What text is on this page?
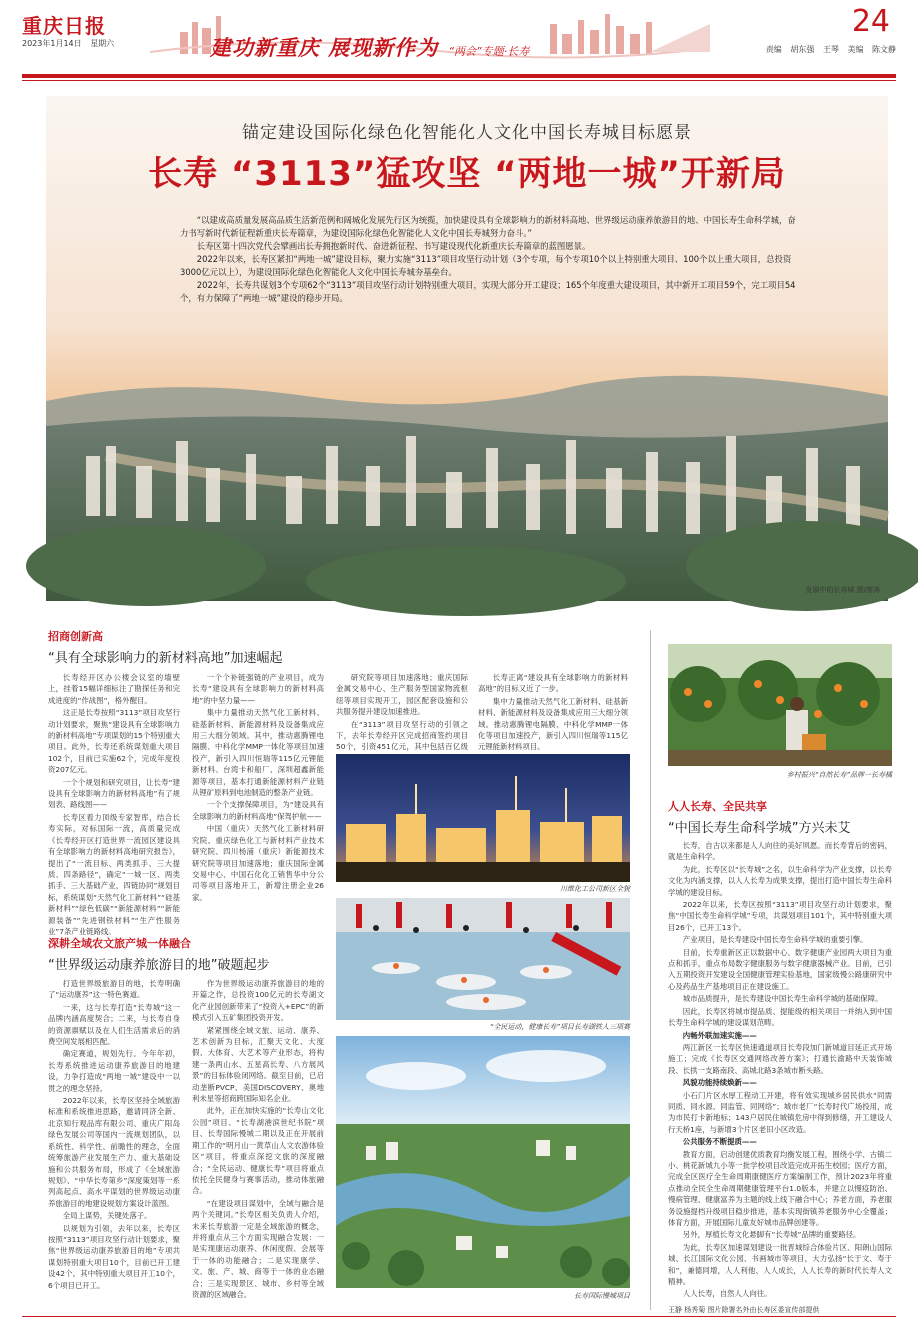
重庆日报
2023年1月14日 星期六	建功新重庆 展现新作为 “两会”专题·长寿
24
责编 胡东强 王琴 美编 陈文静
锚定建设国际化绿色化智能化人文化中国长寿城目标愿景
长寿 “3113”猛攻坚 “两地一城”开新局

“以建成高质量发展高品质生活新范例和阔城化发展先行区为统揽，加快建设具有全球影响力的新材料高地、世界级运动康养旅游目的地、中国长寿生命科学城，奋力书写新时代新征程新重庆长寿篇章，为建设国际化绿色化智能化人文化中国长寿城努力奋斗。”

长寿区第十四次党代会擘画出长寿拥抱新时代、奋进新征程、书写建设现代化新重庆长寿篇章的蓝图愿景。

2022年以来，长寿区紧扣“两地一城”建设目标，聚力实施“3113”项目攻坚行动计划（3个专项，每个专项10个以上特别重大项目、100个以上重大项目，总投资3000亿元以上），为建设国际化绿色化智能化人文化中国长寿城夯基垒台。

2022年，长寿共谋划3个专项62个“3113”项目攻坚行动计划特别重大项目，实现大部分开工建设；165个年度重大建设项目，其中新开工项目59个，完工项目54个，有力保障了“两地一城”建设的稳步开局。

发展中的长寿城 摄/廖涛
招商创新高
“具有全球影响力的新材料高地”加速崛起

长寿经开区办公楼会议室的墙壁上，挂着15幅详细标注了勘探任务和完成进度的“作战图”，格外醒目。

这正是长寿按照“3113”项目攻坚行动计划要求，聚焦“建设具有全球影响力的新材料高地”专项谋划的15个特别重大项目。此外，长寿还系统谋划重大项目102个，目前已实施62个，完成年度投资207亿元。

一个个规划和研究项目，让长寿“建设具有全球影响力的新材料高地”有了规划表、路线图——

长寿区着力顶级专家智库，结合长寿实际，对标国际一流，高质量完成《长寿经开区打造世界一流园区建设具有全球影响力的新材料高地研究报告》，提出了“一流目标、两类抓手、三大提质、四条路径”，确定“一城一区、两类抓手、三大基础产业，四链协同”规划目标，系统谋划“天然气化工新材料”“硅基新材料”“绿色低碳”“新能源材料”“新能源装备”“先进钢铁材料”“生产性服务业”7条产业链路线。

一个个补链强链的产业项目，成为长寿“建设具有全球影响力的新材料高地”的中坚力量——

集中力量推动天然气化工新材料、硅基新材料、新能源材料及设备集成应用三大细分领域。其中，推动惠腾锂电隔膜、中科化学MMP一体化等项目加速投产，新引入四川恒瑞等115亿元锂能新材料、台湾卡和船厂、深圳超鑫新能源等项目，基本打通新能源材料产业链从锂矿原料到电池制造的整条产业链。

一个个支撑保障项目，为“建设具有全球影响力的新材料高地”保驾护航——

中国（重庆）天然气化工新材料研究院、重庆绿色化工与新材料产业技术研究院、四川杨浦（重庆）新能源技术研究院等项目加速落地；重庆国际金属交易中心、中国石化化工销售华中分公司等项目落地开工，新增注册企业26家。

研究院等项目加速落地；重庆国际金属交易中心、生产服务型国家物流枢纽等项目实现开工，园区配套设施和公共服务提升建设加速推进。

在“3113”项目攻坚行动的引领之下，去年长寿经开区完成招商签约项目50个，引资451亿元，其中包括百亿级

长寿正离“建设具有全球影响力的新材料高地”的目标又近了一步。

集中力量推动天然气化工新材料、硅基新材料、新能源材料及设备集成应用三大细分领域。推动惠腾锂电隔膜、中科化学MMP一体化等项目加速投产，新引入四川恒瑞等115亿元锂能新材料项目。

川维化工公司新区全貌
深耕全域农文旅产城一体融合
“世界级运动康养旅游目的地”破题起步

打造世界级旅游目的地，长寿明确了“运动康养”这一特色赛道。

一来，这与长寿打造“长寿城”这一品牌内涵高度契合；二来，与长寿自身的资源禀赋以及在人们生活需求后的消费空间发展相匹配。

确定赛道，规划先行。今年年初，长寿系统推进运动康养旅游目的地建设，力争打造成“两地一城”建设中一以贯之的理念坚持。

2022年以来，长寿区坚持全域旅游标准和系统推进思路，邀请同济全新、北京知行观品库有限公司、重庆广阳岛绿色发展公司等国内一流规划团队，以系统性、科学性、前瞻性的理念，全面统筹旅游产业发展生产力、重大基础设施和公共服务布局，形成了《全域旅游规划》、“中华长寿第乡”深度策划等一系列高起点、高水平谋划的世界级运动康养旅游目的地建设规划方案设计蓝图。

全局上谋势，关键处落子。

以规划为引领，去年以来，长寿区按照“3113”项目攻坚行动计划要求，聚焦“世界级运动康养旅游目的地”专项共谋划特别重大项目10个，目前已开工建设42个。其中特别重大项目开工10个，6个项目已开工。

作为世界级运动康养旅游目的地的开篇之作，总投资100亿元的长寿湖文化产业园创新带来了“投资入+EPC”的新模式引入五矿集团投资开发。

紧紧围绕全域文旅、运动、康养、艺术创新为目标，汇聚天文化、大度假、大体育、大艺术等产业形态，将构建一条两山水、五星高长寿、八方展风景”的目标体验闭网络。截至目前，已启动垄断PVCP、美国DISCOVERY、奥地利未星等招商跨国际知名企业。

此外，正在加快实施的“长寿山文化公园”项目、“长寿湖港滨世纪书院”项目、长寿国际慢城二期以及正在开展前期工作的“明月山一黄草山人文农游体验区”项目，将重点深挖文旅的深度融合；“全民运动、健康长寿”项目将重点依托全民健身与赛事活动，推动体旅融合。

“在建设项目谋划中，全域与融合是两个关键词。”长寿区相关负责人介绍，未来长寿旅游一定是全域旅游的概念，并将重点从三个方面实现融合发展：一是实现康运动康养、休闲度假、会展等于一体的功能融合；二是实现康学、文、旅、产、城、商等于一体的业态融合；三是实现景区、城市、乡村等全域资源的区域融合。

“全民运动，健康长寿”项目长寿湖铁人三项赛
长寿国际慢城项目
乡村振兴“自然长寿”品牌一长寿橘
人人长寿、全民共享
“中国长寿生命科学城”方兴未艾

长寿，自古以来都是人人向往的美好夙愿。而长寿背后的密码，就是生命科学。

为此，长寿区以“长寿城”之名，以生命科学为产业支撑，以长寿文化为内涵支撑，以人人长寿为成果支撑，提出打造中国长寿生命科学城的建设目标。

2022年以来，长寿区按照“3113”项目攻坚行动计划要求，聚焦“中国长寿生命科学城”专项，共谋划项目101个，其中特别重大项目26个，已开工13个。

产业项目，是长寿建设中国长寿生命科学城的重要引擎。

目前，长寿重新区正以数据中心、数字健康产业园两大项目为重点和抓手，重点布局数字健康服务与数字健康器械产业。目前，已引入五期投资开发建设全国健康管理实验基地，国家级慢公路康研究中心及药品生产基地项目正在建设施工。

城市品质提升，是长寿建设中国长寿生命科学城的基础保障。

因此，长寿区将城市提品质、提能级的相关项目一并纳入到中国长寿生命科学城的建设谋划范畴。

内畅外联加速实施——

两江新区一长寿区快速通道项目长寿段加门新城道目延正式开场施工；完成《长寿区交通网络改善方案》；打通长渝路中天装饰城段、长拱一支路南段、高城北路3条城市断头路。

风貌功能持续焕新——

小石门片区水厚工程动工开建，将有效实现城乡居民供水“同需同质、同水源、同监管、同网络”；城市老厂“长寿时代广场投用，成为市民打卡新地标；143户居民住城镇危房中得到修缮，开工建设人行天桥1座，与新增3个片区老旧小区改造。

公共服务不断提质——

教育方面，启动创建优质教育均衡发展工程，围绕小学、古镇二小、桃花新城九小等一批学校项目改造完成开拓生校园；医疗方面，完成全区医疗全生命周期康健医疗方案编制工作，预计2023年将重点推动全民全生命周期健康管理平台1.0版本，并建立以慢疫防治、慢病管理、健康富养为主题的线上线下融合中心；养老方面，养老服务设施提档升级项目稳步推进，基本实现街镇养老服务中心全覆盖；体育方面，开展国际儿童友好城市品牌创建等。

另外，厚植长寿文化悬脚有“长寿城”品牌的重要路径。

为此，长寿区加速谋划建设一批晋城综合体验片区、阳朗山国际城、长江国际文化公园、书画城市等项目，大力弘扬“长于文、寿于和”，兼德同增，人人利他、人人成长，人人长寿的新时代长寿人文精神。

人人长寿，自然人人向往。

王静 杨秀菊 图片除署名外由长寿区委宣传部提供
